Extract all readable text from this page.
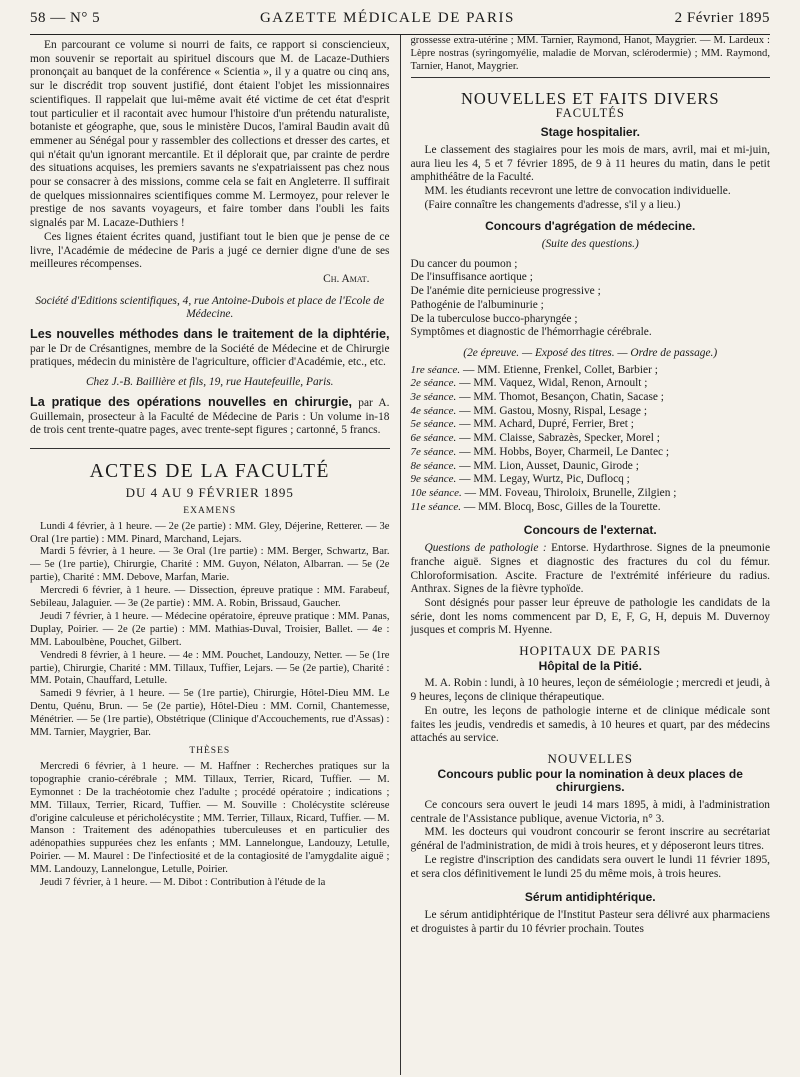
58 — N° 5	GAZETTE MÉDICALE DE PARIS	2 Février 1895

En parcourant ce volume si nourri de faits, ce rapport si consciencieux, mon souvenir se reportait au spirituel discours que M. de Lacaze-Duthiers prononçait au banquet de la conférence « Scientia », il y a quatre ou cinq ans, sur le discrédit trop souvent justifié, dont étaient l'objet les missionnaires scientifiques. Il rappelait que lui-même avait été victime de cet état d'esprit tout particulier et il racontait avec humour l'histoire d'un prétendu naturaliste, botaniste et géographe, que, sous le ministère Ducos, l'amiral Baudin avait dû emmener au Sénégal pour y rassembler des collections et dresser des cartes, et qui n'était qu'un ignorant mercantile. Et il déplorait que, par crainte de perdre des situations acquises, les premiers savants ne s'expatriaissent pas chez nous pour se consacrer à des missions, comme cela se fait en Angleterre. Il suffirait de quelques missionnaires scientifiques comme M. Lermoyez, pour relever le prestige de nos savants voyageurs, et faire tomber dans l'oubli les faits signalés par M. Lacaze-Duthiers !

Ces lignes étaient écrites quand, justifiant tout le bien que je pense de ce livre, l'Académie de médecine de Paris a jugé ce dernier digne d'une de ses meilleures récompenses.

Ch. Amat.

Société d'Editions scientifiques, 4, rue Antoine-Dubois et place de l'Ecole de Médecine.

Les nouvelles méthodes dans le traitement de la diphtérie, par le Dr de Crésantignes, membre de la Société de Médecine et de Chirurgie pratiques, médecin du ministère de l'agriculture, officier d'Académie, etc., etc.

Chez J.-B. Baillière et fils, 19, rue Hautefeuille, Paris.

La pratique des opérations nouvelles en chirurgie, par A. Guillemain, prosecteur à la Faculté de Médecine de Paris : Un volume in-18 de trois cent trente-quatre pages, avec trente-sept figures ; cartonné, 5 francs.

ACTES DE LA FACULTÉ
DU 4 AU 9 FÉVRIER 1895
EXAMENS

Lundi 4 février, à 1 heure. — 2e (2e partie) : MM. Gley, Déjerine, Retterer. — 3e Oral (1re partie) : MM. Pinard, Marchand, Lejars.

Mardi 5 février, à 1 heure. — 3e Oral (1re partie) : MM. Berger, Schwartz, Bar. — 5e (1re partie), Chirurgie, Charité : MM. Guyon, Nélaton, Albarran. — 5e (2e partie), Charité : MM. Debove, Marfan, Marie.

Mercredi 6 février, à 1 heure. — Dissection, épreuve pratique : MM. Farabeuf, Sebileau, Jalaguier. — 3e (2e partie) : MM. A. Robin, Brissaud, Gaucher.

Jeudi 7 février, à 1 heure. — Médecine opératoire, épreuve pratique : MM. Panas, Duplay, Poirier. — 2e (2e partie) : MM. Mathias-Duval, Troisier, Ballet. — 4e : MM. Laboulbène, Pouchet, Gilbert.

Vendredi 8 février, à 1 heure. — 4e : MM. Pouchet, Landouzy, Netter. — 5e (1re partie), Chirurgie, Charité : MM. Tillaux, Tuffier, Lejars. — 5e (2e partie), Charité : MM. Potain, Chauffard, Letulle.

Samedi 9 février, à 1 heure. — 5e (1re partie), Chirurgie, Hôtel-Dieu MM. Le Dentu, Quénu, Brun. — 5e (2e partie), Hôtel-Dieu : MM. Cornil, Chantemesse, Ménétrier. — 5e (1re partie), Obstétrique (Clinique d'Accouchements, rue d'Assas) : MM. Tarnier, Maygrier, Bar.

THÈSES

Mercredi 6 février, à 1 heure. — M. Haffner : Recherches pratiques sur la topographie cranio-cérébrale ; MM. Tillaux, Terrier, Ricard, Tuffier. — M. Eymonnet : De la trachéotomie chez l'adulte ; procédé opératoire ; indications ; MM. Tillaux, Terrier, Ricard, Tuffier. — M. Souville : Cholécystite scléreuse d'origine calculeuse et péricholécystite ; MM. Terrier, Tillaux, Ricard, Tuffier. — M. Manson : Traitement des adénopathies tuberculeuses et en particulier des adénopathies suppurées chez les enfants ; MM. Lannelongue, Landouzy, Letulle, Poirier. — M. Maurel : De l'infectiosité et de la contagiosité de l'amygdalite aiguë ; MM. Landouzy, Lannelongue, Letulle, Poirier.

Jeudi 7 février, à 1 heure. — M. Dibot : Contribution à l'étude de la

grossesse extra-utérine ; MM. Tarnier, Raymond, Hanot, Maygrier. — M. Lardeux : Lèpre nostras (syringomyélie, maladie de Morvan, sclérodermie) ; MM. Raymond, Tarnier, Hanot, Maygrier.

NOUVELLES ET FAITS DIVERS
FACULTÉS
Stage hospitalier.

Le classement des stagiaires pour les mois de mars, avril, mai et mi-juin, aura lieu les 4, 5 et 7 février 1895, de 9 à 11 heures du matin, dans le petit amphithéâtre de la Faculté.

MM. les étudiants recevront une lettre de convocation individuelle.

(Faire connaître les changements d'adresse, s'il y a lieu.)

Concours d'agrégation de médecine.

(Suite des questions.)

Du cancer du poumon ;

De l'insuffisance aortique ;

De l'anémie dite pernicieuse progressive ;

Pathogénie de l'albuminurie ;

De la tuberculose bucco-pharyngée ;

Symptômes et diagnostic de l'hémorrhagie cérébrale.

(2e épreuve. — Exposé des titres. — Ordre de passage.)

1re séance. — MM. Etienne, Frenkel, Collet, Barbier ;

2e séance. — MM. Vaquez, Widal, Renon, Arnoult ;

3e séance. — MM. Thomot, Besançon, Chatin, Sacase ;

4e séance. — MM. Gastou, Mosny, Rispal, Lesage ;

5e séance. — MM. Achard, Dupré, Ferrier, Bret ;

6e séance. — MM. Claisse, Sabrazès, Specker, Morel ;

7e séance. — MM. Hobbs, Boyer, Charmeil, Le Dantec ;

8e séance. — MM. Lion, Ausset, Daunic, Girode ;

9e séance. — MM. Legay, Wurtz, Pic, Duflocq ;

10e séance. — MM. Foveau, Thiroloix, Brunelle, Zilgien ;

11e séance. — MM. Blocq, Bosc, Gilles de la Tourette.

Concours de l'externat.

Questions de pathologie : Entorse. Hydarthrose. Signes de la pneumonie franche aiguë. Signes et diagnostic des fractures du col du fémur. Chloroformisation. Ascite. Fracture de l'extrémité inférieure du radius. Anthrax. Signes de la fièvre typhoïde.

Sont désignés pour passer leur épreuve de pathologie les candidats de la série, dont les noms commencent par D, E, F, G, H, depuis M. Duvernoy jusques et compris M. Hyenne.

HOPITAUX DE PARIS
Hôpital de la Pitié.

M. A. Robin : lundi, à 10 heures, leçon de séméiologie ; mercredi et jeudi, à 9 heures, leçons de clinique thérapeutique.

En outre, les leçons de pathologie interne et de clinique médicale sont faites les jeudis, vendredis et samedis, à 10 heures et quart, par des médecins attachés au service.

NOUVELLES
Concours public pour la nomination à deux places de chirurgiens.

Ce concours sera ouvert le jeudi 14 mars 1895, à midi, à l'administration centrale de l'Assistance publique, avenue Victoria, n° 3.

MM. les docteurs qui voudront concourir se feront inscrire au secrétariat général de l'administration, de midi à trois heures, et y déposeront leurs titres.

Le registre d'inscription des candidats sera ouvert le lundi 11 février 1895, et sera clos définitivement le lundi 25 du même mois, à trois heures.

Sérum antidiphtérique.

Le sérum antidiphtérique de l'Institut Pasteur sera délivré aux pharmaciens et droguistes à partir du 10 février prochain. Toutes
